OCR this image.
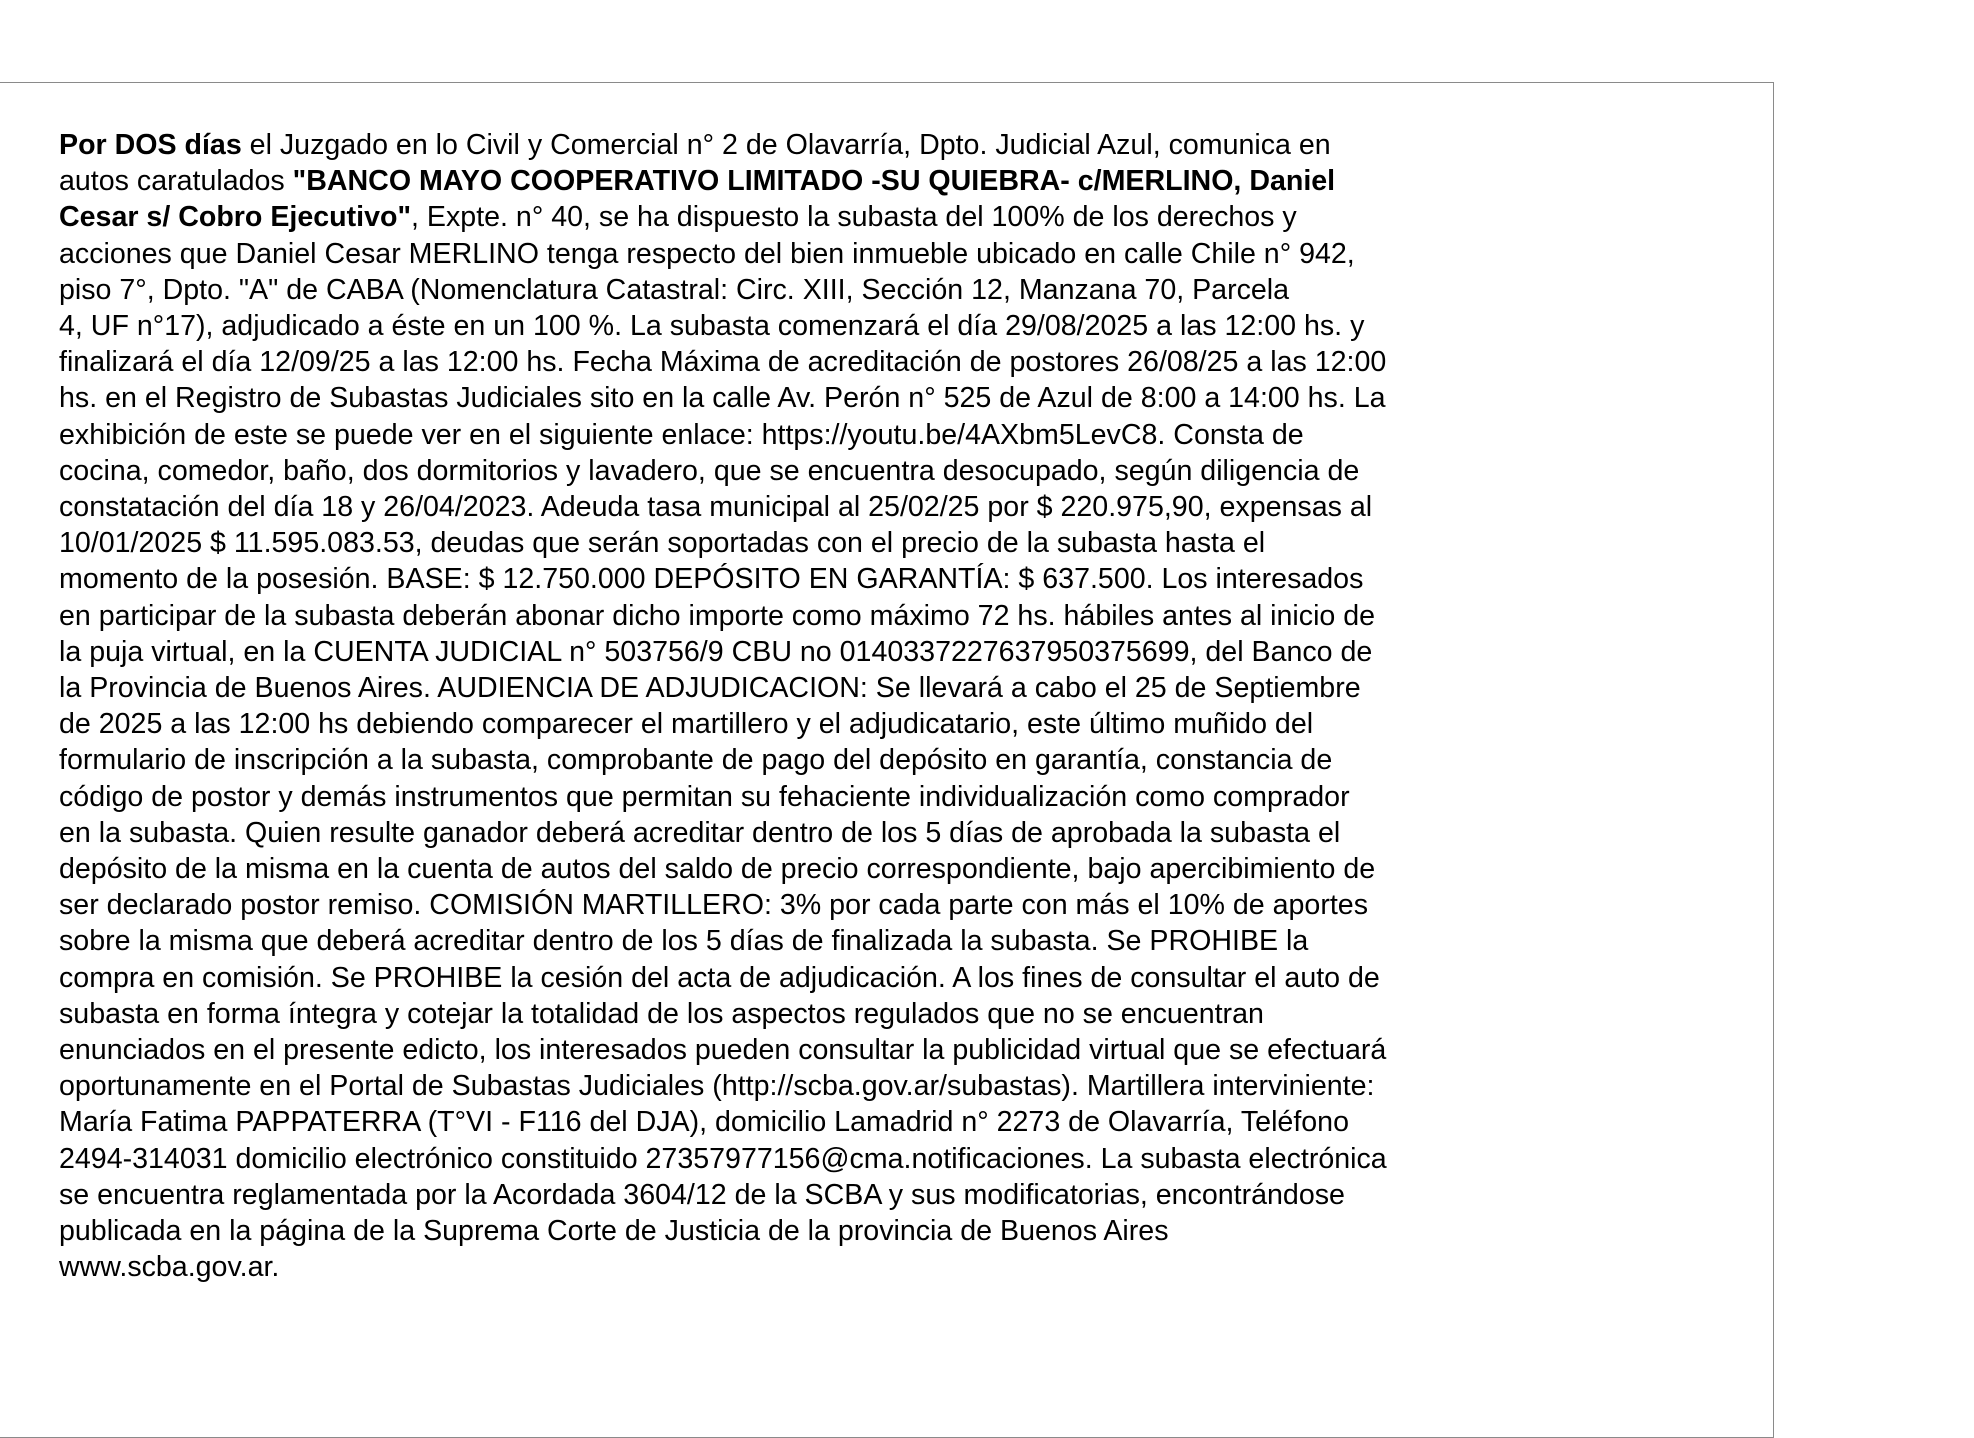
Por DOS días el Juzgado en lo Civil y Comercial n° 2 de Olavarría, Dpto. Judicial Azul, comunica en
autos caratulados "BANCO MAYO COOPERATIVO LIMITADO -SU QUIEBRA- c/MERLINO, Daniel
Cesar s/ Cobro Ejecutivo", Expte. n° 40, se ha dispuesto la subasta del 100% de los derechos y
acciones que Daniel Cesar MERLINO tenga respecto del bien inmueble ubicado en calle Chile n° 942,
piso 7°, Dpto. "A" de CABA (Nomenclatura Catastral: Circ. XIII, Sección 12, Manzana 70, Parcela
4, UF n°17), adjudicado a éste en un 100 %. La subasta comenzará el día 29/08/2025 a las 12:00 hs. y
finalizará el día 12/09/25 a las 12:00 hs. Fecha Máxima de acreditación de postores 26/08/25 a las 12:00
hs. en el Registro de Subastas Judiciales sito en la calle Av. Perón n° 525 de Azul de 8:00 a 14:00 hs. La
exhibición de este se puede ver en el siguiente enlace: https://youtu.be/4AXbm5LevC8. Consta de
cocina, comedor, baño, dos dormitorios y lavadero, que se encuentra desocupado, según diligencia de
constatación del día 18 y 26/04/2023. Adeuda tasa municipal al 25/02/25 por $ 220.975,90, expensas al
10/01/2025 $ 11.595.083.53, deudas que serán soportadas con el precio de la subasta hasta el
momento de la posesión. BASE: $ 12.750.000 DEPÓSITO EN GARANTÍA: $ 637.500. Los interesados
en participar de la subasta deberán abonar dicho importe como máximo 72 hs. hábiles antes al inicio de
la puja virtual, en la CUENTA JUDICIAL n° 503756/9 CBU no 0140337227637950375699, del Banco de
la Provincia de Buenos Aires. AUDIENCIA DE ADJUDICACION: Se llevará a cabo el 25 de Septiembre
de 2025 a las 12:00 hs debiendo comparecer el martillero y el adjudicatario, este último muñido del
formulario de inscripción a la subasta, comprobante de pago del depósito en garantía, constancia de
código de postor y demás instrumentos que permitan su fehaciente individualización como comprador
en la subasta. Quien resulte ganador deberá acreditar dentro de los 5 días de aprobada la subasta el
depósito de la misma en la cuenta de autos del saldo de precio correspondiente, bajo apercibimiento de
ser declarado postor remiso. COMISIÓN MARTILLERO: 3% por cada parte con más el 10% de aportes
sobre la misma que deberá acreditar dentro de los 5 días de finalizada la subasta. Se PROHIBE la
compra en comisión. Se PROHIBE la cesión del acta de adjudicación. A los fines de consultar el auto de
subasta en forma íntegra y cotejar la totalidad de los aspectos regulados que no se encuentran
enunciados en el presente edicto, los interesados pueden consultar la publicidad virtual que se efectuará
oportunamente en el Portal de Subastas Judiciales (http://scba.gov.ar/subastas). Martillera interviniente:
María Fatima PAPPATERRA (T°VI - F116 del DJA), domicilio Lamadrid n° 2273 de Olavarría, Teléfono
2494-314031 domicilio electrónico constituido 27357977156@cma.notificaciones. La subasta electrónica
se encuentra reglamentada por la Acordada 3604/12 de la SCBA y sus modificatorias, encontrándose
publicada en la página de la Suprema Corte de Justicia de la provincia de Buenos Aires
www.scba.gov.ar.
